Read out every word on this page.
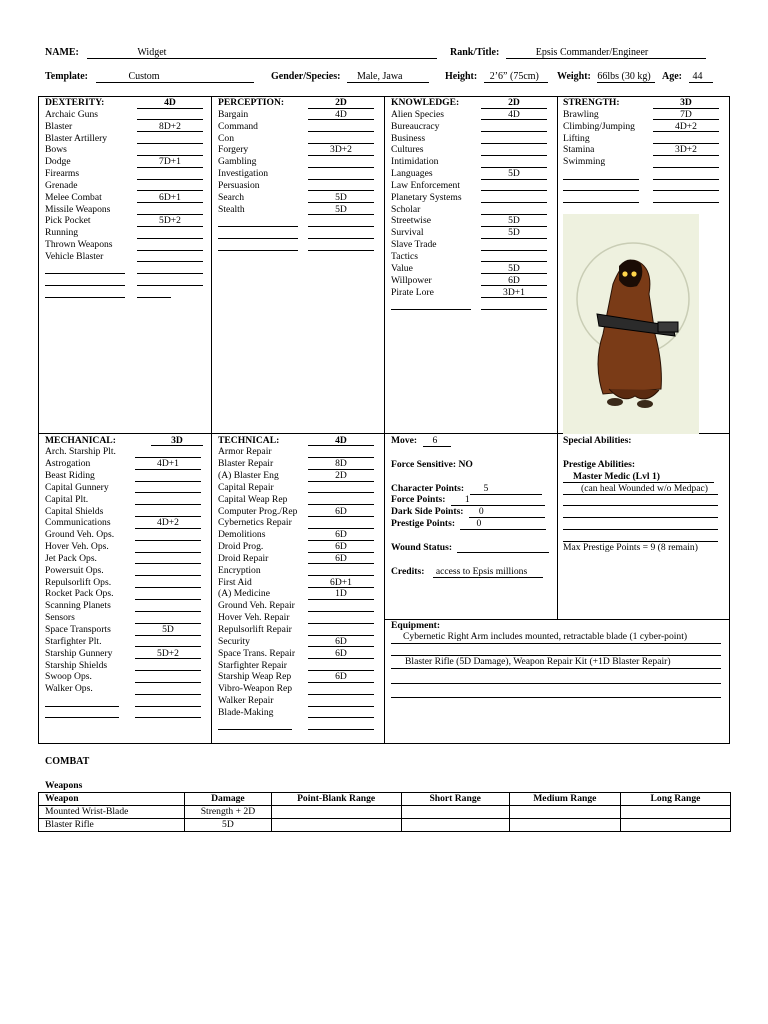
NAME:	Widget	Rank/Title:	Epsis Commander/Engineer
Template:	Custom	Gender/Species: Male, Jawa	Height: 2’6” (75cm)	Weight: 66lbs (30 kg)	Age: 44
DEXTERITY:	4D
Archaic Guns
Blaster	8D+2
Blaster Artillery
Bows
Dodge	7D+1
Firearms
Grenade
Melee Combat	6D+1
Missile Weapons
Pick Pocket	5D+2
Running
Thrown Weapons
Vehicle Blaster
PERCEPTION:	2D
Bargain	4D
Command
Con
Forgery	3D+2
Gambling
Investigation
Persuasion
Search	5D
Stealth	5D
KNOWLEDGE:	2D
Alien Species	4D
Bureaucracy
Business
Cultures
Intimidation
Languages	5D
Law Enforcement
Planetary Systems
Scholar
Streetwise	5D
Survival	5D
Slave Trade
Tactics
Value	5D
Willpower	6D
Pirate Lore	3D+1
STRENGTH:	3D
Brawling	7D
Climbing/Jumping	4D+2
Lifting
Stamina	3D+2
Swimming
MECHANICAL:	3D
Arch. Starship Plt.
Astrogation	4D+1
Beast Riding
Capital Gunnery
Capital Plt.
Capital Shields
Communications	4D+2
Ground Veh. Ops.
Hover Veh. Ops.
Jet Pack Ops.
Powersuit Ops.
Repulsorlift Ops.
Rocket Pack Ops.
Scanning Planets
Sensors
Space Transports	5D
Starfighter Plt.
Starship Gunnery	5D+2
Starship Shields
Swoop Ops.
Walker Ops.
TECHNICAL:	4D
Armor Repair
Blaster Repair	8D
(A) Blaster Eng	2D
Capital Repair
Capital Weap Rep
Computer Prog./Rep	6D
Cybernetics Repair
Demolitions	6D
Droid Prog.	6D
Droid Repair	6D
Encryption
First Aid	6D+1
(A) Medicine	1D
Ground Veh. Repair
Hover Veh. Repair
Repulsorlift Repair
Security	6D
Space Trans. Repair	6D
Starfighter Repair
Starship Weap Rep	6D
Vibro-Weapon Rep
Walker Repair
Blade-Making
Move: 6
Force Sensitive: NO
Character Points: 5
Force Points: 1
Dark Side Points: 0
Prestige Points: 0
Wound Status:
Credits: access to Epsis millions
Special Abilities:
Prestige Abilities:
Master Medic (Lvl 1)
(can heal Wounded w/o Medpac)
Max Prestige Points = 9 (8 remain)
Equipment:
Cybernetic Right Arm includes mounted, retractable blade (1 cyber-point)
Blaster Rifle (5D Damage), Weapon Repair Kit (+1D Blaster Repair)
COMBAT
Weapons
Weapon	Damage	Point-Blank Range	Short Range	Medium Range	Long Range
Mounted Wrist-Blade	Strength + 2D				
Blaster Rifle	5D				
